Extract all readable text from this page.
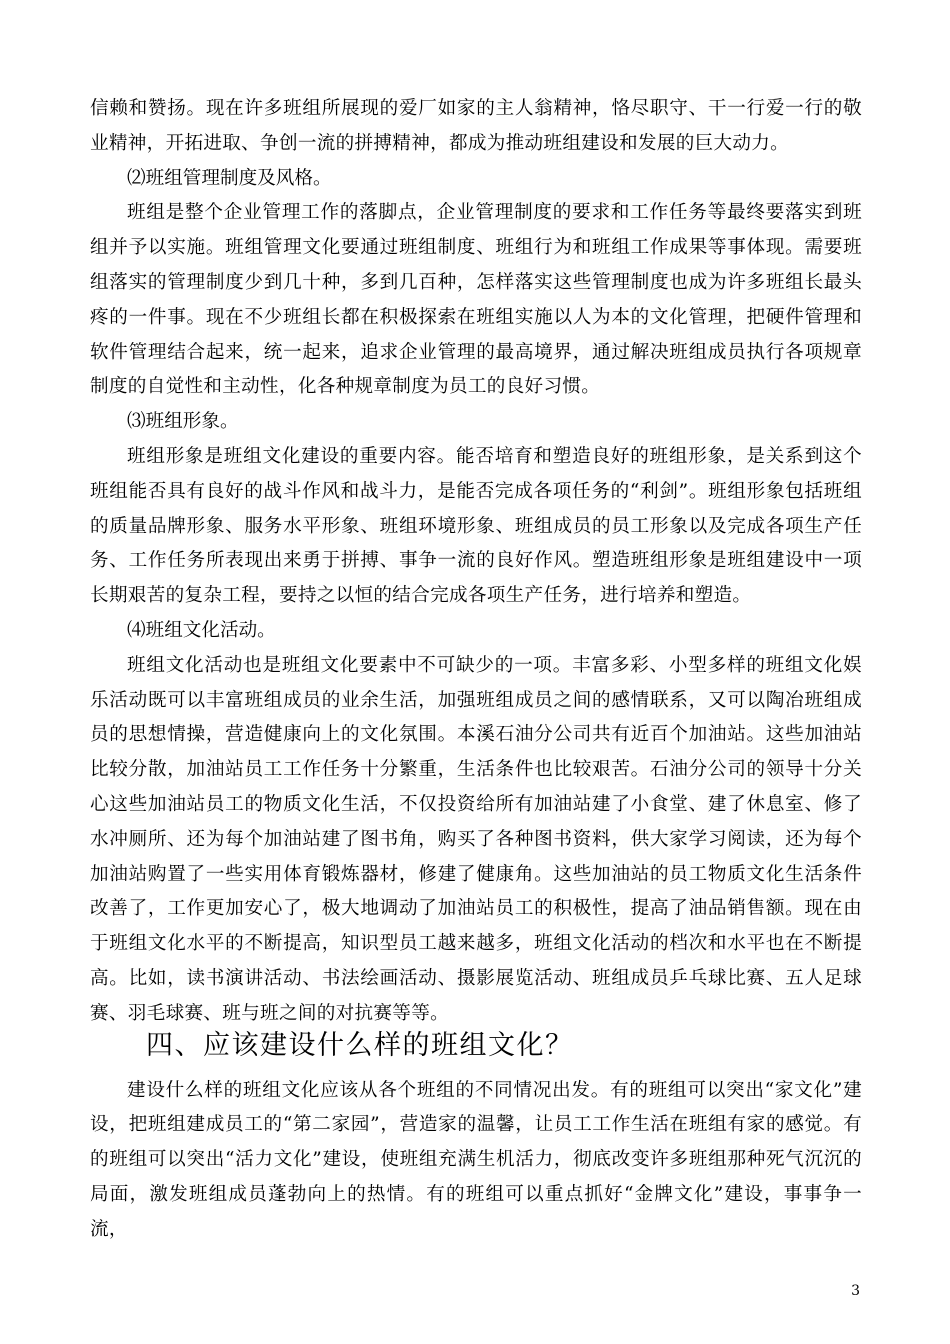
信赖和赞扬。现在许多班组所展现的爱厂如家的主人翁精神，恪尽职守、干一行爱一行的敬业精神，开拓进取、争创一流的拼搏精神，都成为推动班组建设和发展的巨大动力。

⑵班组管理制度及风格。

班组是整个企业管理工作的落脚点，企业管理制度的要求和工作任务等最终要落实到班组并予以实施。班组管理文化要通过班组制度、班组行为和班组工作成果等事体现。需要班组落实的管理制度少到几十种，多到几百种，怎样落实这些管理制度也成为许多班组长最头疼的一件事。现在不少班组长都在积极探索在班组实施以人为本的文化管理，把硬件管理和软件管理结合起来，统一起来，追求企业管理的最高境界，通过解决班组成员执行各项规章制度的自觉性和主动性，化各种规章制度为员工的良好习惯。

⑶班组形象。

班组形象是班组文化建设的重要内容。能否培育和塑造良好的班组形象，是关系到这个班组能否具有良好的战斗作风和战斗力，是能否完成各项任务的“利剑”。班组形象包括班组的质量品牌形象、服务水平形象、班组环境形象、班组成员的员工形象以及完成各项生产任务、工作任务所表现出来勇于拼搏、事争一流的良好作风。塑造班组形象是班组建设中一项长期艰苦的复杂工程，要持之以恒的结合完成各项生产任务，进行培养和塑造。

⑷班组文化活动。

班组文化活动也是班组文化要素中不可缺少的一项。丰富多彩、小型多样的班组文化娱乐活动既可以丰富班组成员的业余生活，加强班组成员之间的感情联系，又可以陶冶班组成员的思想情操，营造健康向上的文化氛围。本溪石油分公司共有近百个加油站。这些加油站比较分散，加油站员工工作任务十分繁重，生活条件也比较艰苦。石油分公司的领导十分关心这些加油站员工的物质文化生活，不仅投资给所有加油站建了小食堂、建了休息室、修了水冲厕所、还为每个加油站建了图书角，购买了各种图书资料，供大家学习阅读，还为每个加油站购置了一些实用体育锻炼器材，修建了健康角。这些加油站的员工物质文化生活条件改善了，工作更加安心了，极大地调动了加油站员工的积极性，提高了油品销售额。现在由于班组文化水平的不断提高，知识型员工越来越多，班组文化活动的档次和水平也在不断提高。比如，读书演讲活动、书法绘画活动、摄影展览活动、班组成员乒乓球比赛、五人足球赛、羽毛球赛、班与班之间的对抗赛等等。

四、应该建设什么样的班组文化？

建设什么样的班组文化应该从各个班组的不同情况出发。有的班组可以突出“家文化”建设，把班组建成员工的“第二家园”，营造家的温馨，让员工工作生活在班组有家的感觉。有的班组可以突出“活力文化”建设，使班组充满生机活力，彻底改变许多班组那种死气沉沉的局面，激发班组成员蓬勃向上的热情。有的班组可以重点抓好“金牌文化”建设，事事争一流，

3
